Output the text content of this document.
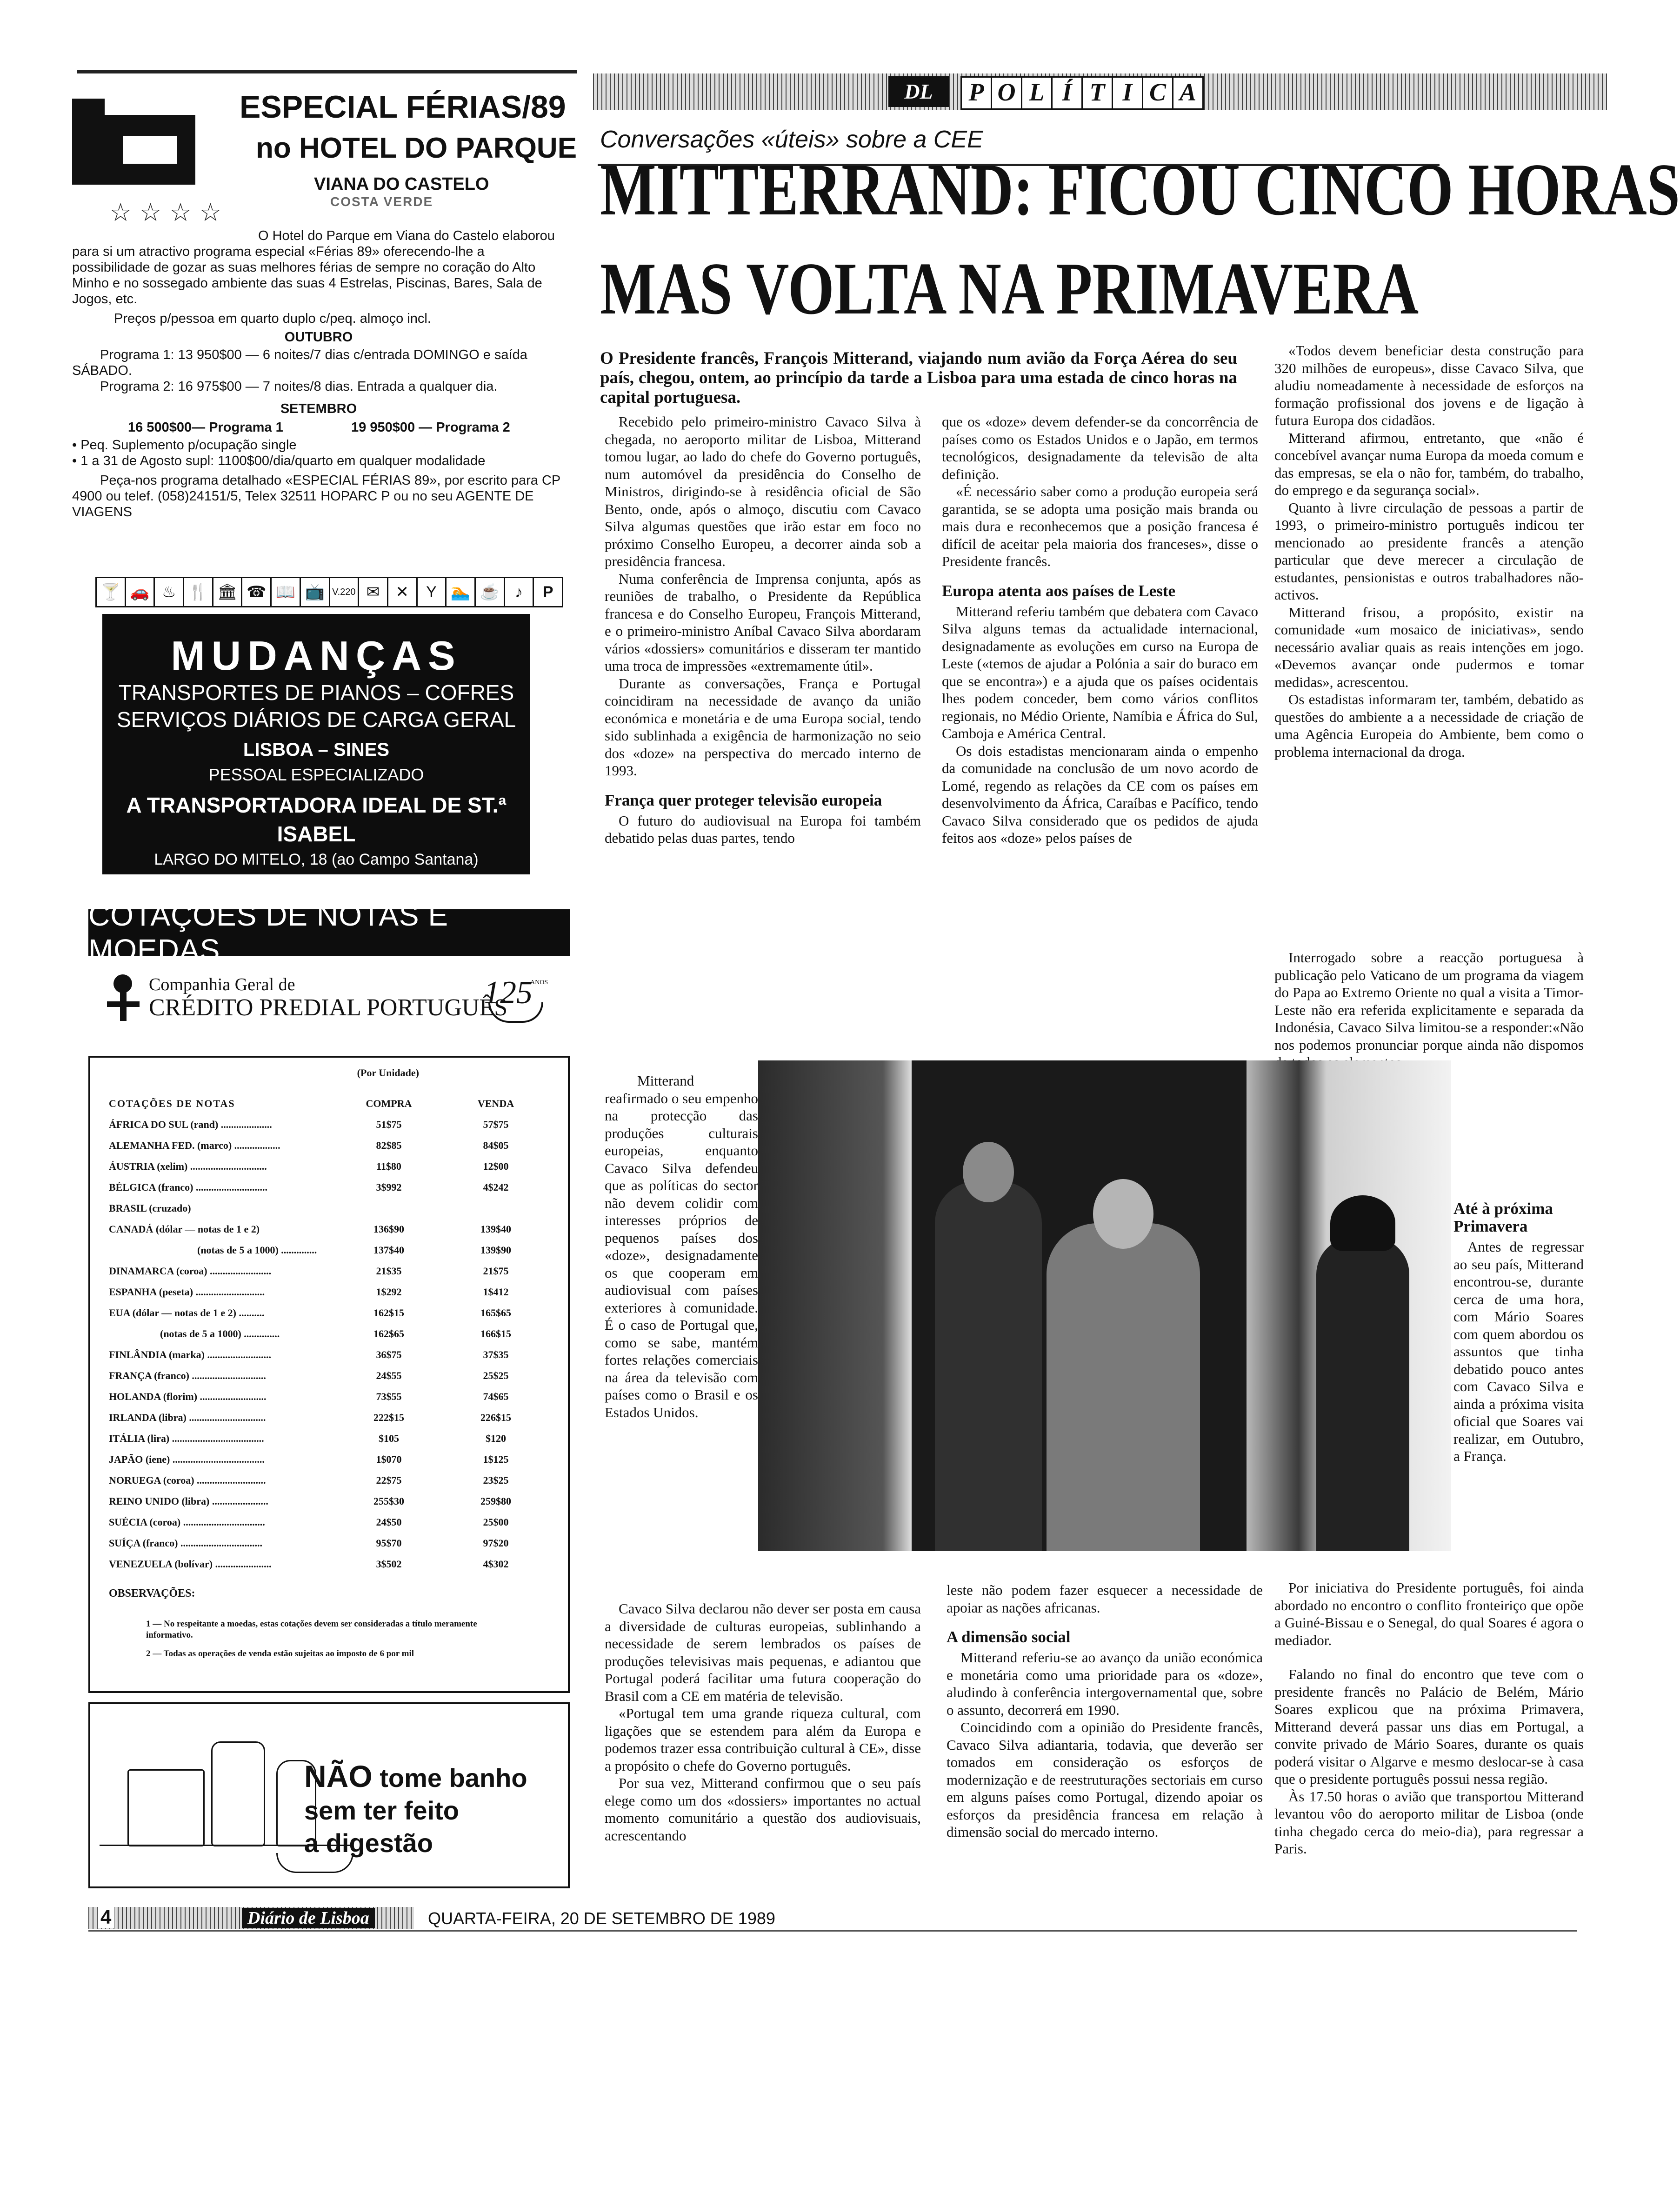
ESPECIAL FÉRIAS/89
no HOTEL DO PARQUE
VIANA DO CASTELO
COSTA VERDE
☆☆☆☆

O Hotel do Parque em Viana do Castelo elaborou para si um atractivo programa especial «Férias 89» oferecendo-lhe a possibilidade de gozar as suas melhores férias de sempre no coração do Alto Minho e no sossegado ambiente das suas 4 Estrelas, Piscinas, Bares, Sala de Jogos, etc.

Preços p/pessoa em quarto duplo c/peq. almoço incl.

OUTUBRO

Programa 1: 13 950$00 — 6 noites/7 dias c/entrada DOMINGO e saída SÁBADO.

Programa 2: 16 975$00 — 7 noites/8 dias. Entrada a qualquer dia.

SETEMBRO

16 500$00— Programa 1	19 950$00 — Programa 2

• Peq. Suplemento p/ocupação single

• 1 a 31 de Agosto supl: 1100$00/dia/quarto em qualquer modalidade

Peça-nos programa detalhado «ESPECIAL FÉRIAS 89», por escrito para CP 4900 ou telef. (058)24151/5, Telex 32511 HOPARC P ou no seu AGENTE DE VIAGENS

🍸 🚗 ♨ 🍴 🏛 ☎ 📖 📺 V.220 ✉	✕	Y 🏊 ☕ ♪	P
MUDANÇAS
TRANSPORTES DE PIANOS – COFRES
SERVIÇOS DIÁRIOS DE CARGA GERAL
LISBOA – SINES
PESSOAL ESPECIALIZADO
A TRANSPORTADORA IDEAL DE ST.ª ISABEL
LARGO DO MITELO, 18 (ao Campo Santana)
☎ 53 26 37 - 57 74 79
COTAÇÕES DE NOTAS E MOEDAS
Companhia Geral de
CRÉDITO PREDIAL PORTUGUÊS
125
ANOS
(Por Unidade)
COTAÇÕES DE NOTAS	COMPRA	VENDA
ÁFRICA DO SUL (rand) ....................	51$75	57$75
ALEMANHA FED. (marco) ..................	82$85	84$05
ÁUSTRIA (xelim) ..............................	11$80	12$00
BÉLGICA (franco) ............................	3$992	4$242
BRASIL (cruzado)		
CANADÁ (dólar — notas de 1 e 2)	136$90	139$40
(notas de 5 a 1000) ..............	137$40	139$90
DINAMARCA (coroa) ........................	21$35	21$75
ESPANHA (peseta) ...........................	1$292	1$412
EUA (dólar — notas de 1 e 2) ..........	162$15	165$65
(notas de 5 a 1000) ..............	162$65	166$15
FINLÂNDIA (marka) .........................	36$75	37$35
FRANÇA (franco) .............................	24$55	25$25
HOLANDA (florim) ..........................	73$55	74$65
IRLANDA (libra) ..............................	222$15	226$15
ITÁLIA (lira) ....................................	$105	$120
JAPÃO (iene) ....................................	1$070	1$125
NORUEGA (coroa) ...........................	22$75	23$25
REINO UNIDO (libra) ......................	255$30	259$80
SUÉCIA (coroa) ................................	24$50	25$00
SUÍÇA (franco) ................................	95$70	97$20
VENEZUELA (bolívar) ......................	3$502	4$302
OBSERVAÇÕES:
1 — No respeitante a moedas, estas cotações devem ser consideradas a título meramente informativo.
2 — Todas as operações de venda estão sujeitas ao imposto de 6 por mil
NÃO tome banho
sem ter feito
a digestão
DL	P O L Í T I C A
Conversações «úteis» sobre a CEE
MITTERRAND: FICOU CINCO HORAS
MAS VOLTA NA PRIMAVERA
O Presidente francês, François Mitterand, viajando num avião da Força Aérea do seu país, chegou, ontem, ao princípio da tarde a Lisboa para uma estada de cinco horas na capital portuguesa.

Recebido pelo primeiro-ministro Cavaco Silva à chegada, no aeroporto militar de Lisboa, Mitterand tomou lugar, ao lado do chefe do Governo português, num automóvel da presidência do Conselho de Ministros, dirigindo-se à residência oficial de São Bento, onde, após o almoço, discutiu com Cavaco Silva algumas questões que irão estar em foco no próximo Conselho Europeu, a decorrer ainda sob a presidência francesa.

Numa conferência de Imprensa conjunta, após as reuniões de trabalho, o Presidente da República francesa e do Conselho Europeu, François Mitterand, e o primeiro-ministro Aníbal Cavaco Silva abordaram vários «dossiers» comunitários e disseram ter mantido uma troca de impressões «extremamente útil».

Durante as conversações, França e Portugal coincidiram na necessidade de avanço da união económica e monetária e de uma Europa social, tendo sido sublinhada a exigência de harmonização no seio dos «doze» na perspectiva do mercado interno de 1993.

França quer proteger televisão europeia

O futuro do audiovisual na Europa foi também debatido pelas duas partes, tendo

Mitterand reafirmado o seu empenho na protecção das produções culturais europeias, enquanto Cavaco Silva defendeu que as políticas do sector não devem colidir com interesses próprios de pequenos países dos «doze», designadamente os que cooperam em audiovisual com países exteriores à comunidade. É o caso de Portugal que, como se sabe, mantém fortes relações comerciais na área da televisão com países como o Brasil e os Estados Unidos.

Cavaco Silva declarou não dever ser posta em causa a diversidade de culturas europeias, sublinhando a necessidade de serem lembrados os países de produções televisivas mais pequenas, e adiantou que Portugal poderá facilitar uma futura cooperação do Brasil com a CE em matéria de televisão.

«Portugal tem uma grande riqueza cultural, com ligações que se estendem para além da Europa e podemos trazer essa contribuição cultural à CE», disse a propósito o chefe do Governo português.

Por sua vez, Mitterand confirmou que o seu país elege como um dos «dossiers» importantes no actual momento comunitário a questão dos audiovisuais, acrescentando

que os «doze» devem defender-se da concorrência de países como os Estados Unidos e o Japão, em termos tecnológicos, designadamente da televisão de alta definição.

«É necessário saber como a produção europeia será garantida, se se adopta uma posição mais branda ou mais dura e reconhecemos que a posição francesa é difícil de aceitar pela maioria dos franceses», disse o Presidente francês.

Europa atenta aos países de Leste

Mitterand referiu também que debatera com Cavaco Silva alguns temas da actualidade internacional, designadamente as evoluções em curso na Europa de Leste («temos de ajudar a Polónia a sair do buraco em que se encontra») e a ajuda que os países ocidentais lhes podem conceder, bem como vários conflitos regionais, no Médio Oriente, Namíbia e África do Sul, Camboja e América Central.

Os dois estadistas mencionaram ainda o empenho da comunidade na conclusão de um novo acordo de Lomé, regendo as relações da CE com os países em desenvolvimento da África, Caraíbas e Pacífico, tendo Cavaco Silva considerado que os pedidos de ajuda feitos aos «doze» pelos países de

leste não podem fazer esquecer a necessidade de apoiar as nações africanas.

A dimensão social

Mitterand referiu-se ao avanço da união económica e monetária como uma prioridade para os «doze», aludindo à conferência intergovernamental que, sobre o assunto, decorrerá em 1990.

Coincidindo com a opinião do Presidente francês, Cavaco Silva adiantaria, todavia, que deverão ser tomados em consideração os esforços de modernização e de reestruturações sectoriais em curso em alguns países como Portugal, dizendo apoiar os esforços da presidência francesa em relação à dimensão social do mercado interno.

«Todos devem beneficiar desta construção para 320 milhões de europeus», disse Cavaco Silva, que aludiu nomeadamente à necessidade de esforços na formação profissional dos jovens e de ligação à futura Europa dos cidadãos.

Mitterand afirmou, entretanto, que «não é concebível avançar numa Europa da moeda comum e das empresas, se ela o não for, também, do trabalho, do emprego e da segurança social».

Quanto à livre circulação de pessoas a partir de 1993, o primeiro-ministro português indicou ter mencionado ao presidente francês a atenção particular que deve merecer a circulação de estudantes, pensionistas e outros trabalhadores não-activos.

Mitterand frisou, a propósito, existir na comunidade «um mosaico de iniciativas», sendo necessário avaliar quais as reais intenções em jogo. «Devemos avançar onde pudermos e tomar medidas», acrescentou.

Os estadistas informaram ter, também, debatido as questões do ambiente a a necessidade de criação de uma Agência Europeia do Ambiente, bem como o problema internacional da droga.

Interrogado sobre a reacção portuguesa à publicação pelo Vaticano de um programa da viagem do Papa ao Extremo Oriente no qual a visita a Timor-Leste não era referida explicitamente e separada da Indonésia, Cavaco Silva limitou-se a responder:«Não nos podemos pronunciar porque ainda não dispomos

Até à próxima Primavera

Antes de regressar ao seu país, Mitterand encontrou-se, durante cerca de uma hora, com Mário Soares com quem abordou os assuntos que tinha debatido pouco antes com Cavaco Silva e ainda a próxima visita oficial que Soares vai realizar, em Outubro, a França.

Por iniciativa do Presidente português, foi ainda abordado no encontro o conflito fronteiriço que opõe a Guiné-Bissau e o Senegal, do qual Soares é agora o mediador.

Falando no final do encontro que teve com o presidente francês no Palácio de Belém, Mário Soares explicou que na próxima Primavera, Mitterand deverá passar uns dias em Portugal, a convite privado de Mário Soares, durante os quais poderá visitar o Algarve e mesmo deslocar-se à casa que o presidente português possui nessa região.

Às 17.50 horas o avião que transportou Mitterand levantou vôo do aeroporto militar de Lisboa (onde tinha chegado cerca do meio-dia), para regressar a Paris.

4	Diário de Lisboa	QUARTA-FEIRA, 20 DE SETEMBRO DE 1989
